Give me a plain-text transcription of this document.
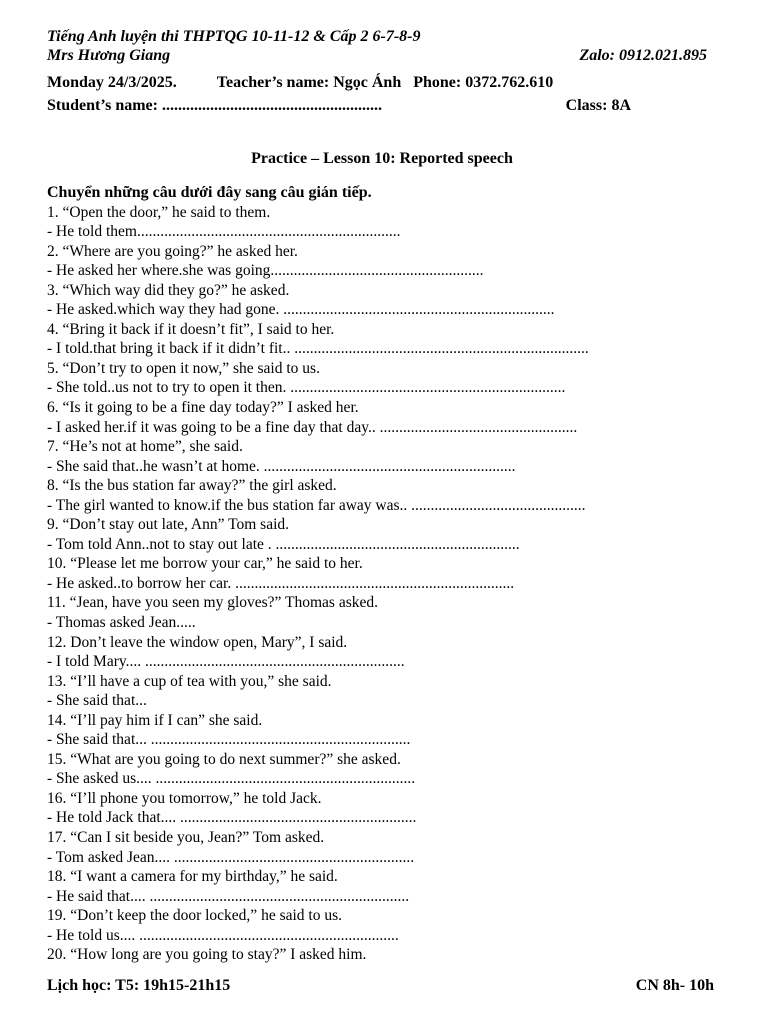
Tiếng Anh luyện thi THPTQG 10-11-12 & Cấp 2 6-7-8-9
Mrs Hương Giang	Zalo: 0912.021.895
Monday 24/3/2025.	Teacher’s name: Ngọc Ánh Phone: 0372.762.610
Student’s name: .......................................................	Class: 8A
Practice – Lesson 10: Reported speech
Chuyển những câu dưới đây sang câu gián tiếp.
1. “Open the door,” he said to them.
- He told them....................................................................
2. “Where are you going?” he asked her.
- He asked her where.she was going.......................................................
3. “Which way did they go?” he asked.
- He asked.which way they had gone. ......................................................................
4. “Bring it back if it doesn’t fit”, I said to her.
- I told.that bring it back if it didn’t fit.. ............................................................................
5. “Don’t try to open it now,” she said to us.
- She told..us not to try to open it then. .......................................................................
6. “Is it going to be a fine day today?” I asked her.
- I asked her.if it was going to be a fine day that day.. ...................................................
7. “He’s not at home”, she said.
- She said that..he wasn’t at home. .................................................................
8. “Is the bus station far away?” the girl asked.
- The girl wanted to know.if the bus station far away was.. .............................................
9. “Don’t stay out late, Ann” Tom said.
- Tom told Ann..not to stay out late . ...............................................................
10. “Please let me borrow your car,” he said to her.
- He asked..to borrow her car. ........................................................................
11. “Jean, have you seen my gloves?” Thomas asked.
- Thomas asked Jean.....
12. Don’t leave the window open, Mary”, I said.
- I told Mary.... ...................................................................
13. “I’ll have a cup of tea with you,” she said.
- She said that...
14. “I’ll pay him if I can” she said.
- She said that... ...................................................................
15. “What are you going to do next summer?” she asked.
- She asked us.... ...................................................................
16. “I’ll phone you tomorrow,” he told Jack.
- He told Jack that.... .............................................................
17. “Can I sit beside you, Jean?” Tom asked.
- Tom asked Jean.... ..............................................................
18. “I want a camera for my birthday,” he said.
- He said that.... ...................................................................
19. “Don’t keep the door locked,” he said to us.
- He told us.... ...................................................................
20. “How long are you going to stay?” I asked him.
Lịch học: T5: 19h15-21h15	CN 8h- 10h
